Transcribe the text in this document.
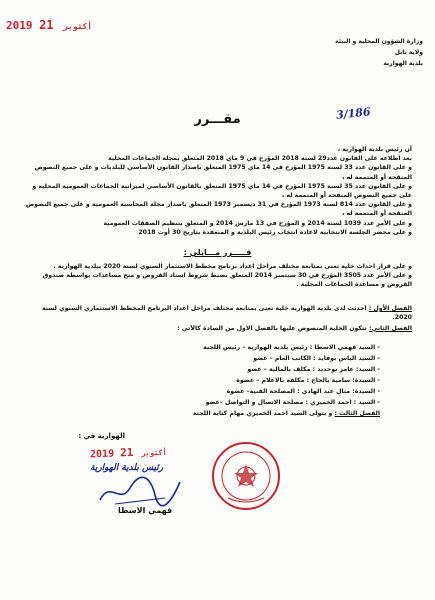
2019	أكتوبر 21
وزارة الشؤون المحلية و البيئة
ولاية نابل
بلدية الهوارية
3/186
مقـــرر

أن رئيس بلدية الهوارية ،

بعد اطلاعه على القانون عدد29 لسنة 2018 المؤرخ في 9 ماي 2018 المتعلق بمجلة الجماعات المحلية

و على القانون عدد 33 لسنة 1975 المؤرخ في 14 ماي 1975 المتعلق باصدار القانون الأساسي للبلديات و على جميع النصوص المنقحة أو المتممة له ،

و على القانون عدد 35 لسنة 1975 المؤرخ في 14 ماي 1975 المتعلق بالقانون الأساسي لميزانية الجماعات العمومية المحلية و على جميع النصوص المنقحة أو المتممة له ،

و على القانون عدد 814 لسنة 1973 المؤرخ في 31 ديسمبر 1973 المتعلق باصدار مجلة المحاسبة العمومية و على جميع النصوص المنقحة أو المتممة له ،

و على الأمر عدد 1039 لسنة 2014 و المؤرخ في 13 مارس 2014 و المتعلق بتنظيم الصفقات العمومية

و على محضر الجلسة الانتخابية لاعادة انتخاب رئيس البلدية و المنعقدة بتاريخ 30 أوت 2018

قـــــرر مـــايلي :

و على قرار احداث خلية تعنى بمتابعة مختلف مراحل اعداد برنامج مخطط الاستثمار السنوي لسنة 2020 ببلدية الهوارية .

و على الأمر عدد 3505 المؤرخ في 30 سبتمبر 2014 المتعلق بضبط شروط اسناد القروض و منح مساعدات بواسطة صندوق القروض و مساعدة الجماعات المحلية .

الفصل الأول : احدثت لدى بلدية الهوارية خلية تعنى بمتابعة مختلف مراحل اعداد البرنامج المخطط الاستثماري السنوي لسنة 2020.

الفصل الثاني: تتكون الخلية المنصوص عليها بالفصل الاول من السادة كالآتي :

- السيد فهمي الاسطا : رئيس بلدية الهوارية – رئيس اللجنة

- السيد الياس بوفايد : الكاتب العام – عضو

- السيد: عامر بوحديد : مكلف بالمالية – عضو

- السيدة: سامية بالحاج : مكلفة بالاعلام – عضوة

- السيدة: منال عبد الهادي : المصلحة الفنية– عضوة

- السيد : احمد الخميري : مصلحة الاتصال و التواصل –عضو

الفصل الثالث : و يتولى السيد احمد الخميري مهام كتابة اللجنة

الهوارية في :
2019	أكتوبر 21
رئيس بلدية الهوارية
فهمي الاسطا
